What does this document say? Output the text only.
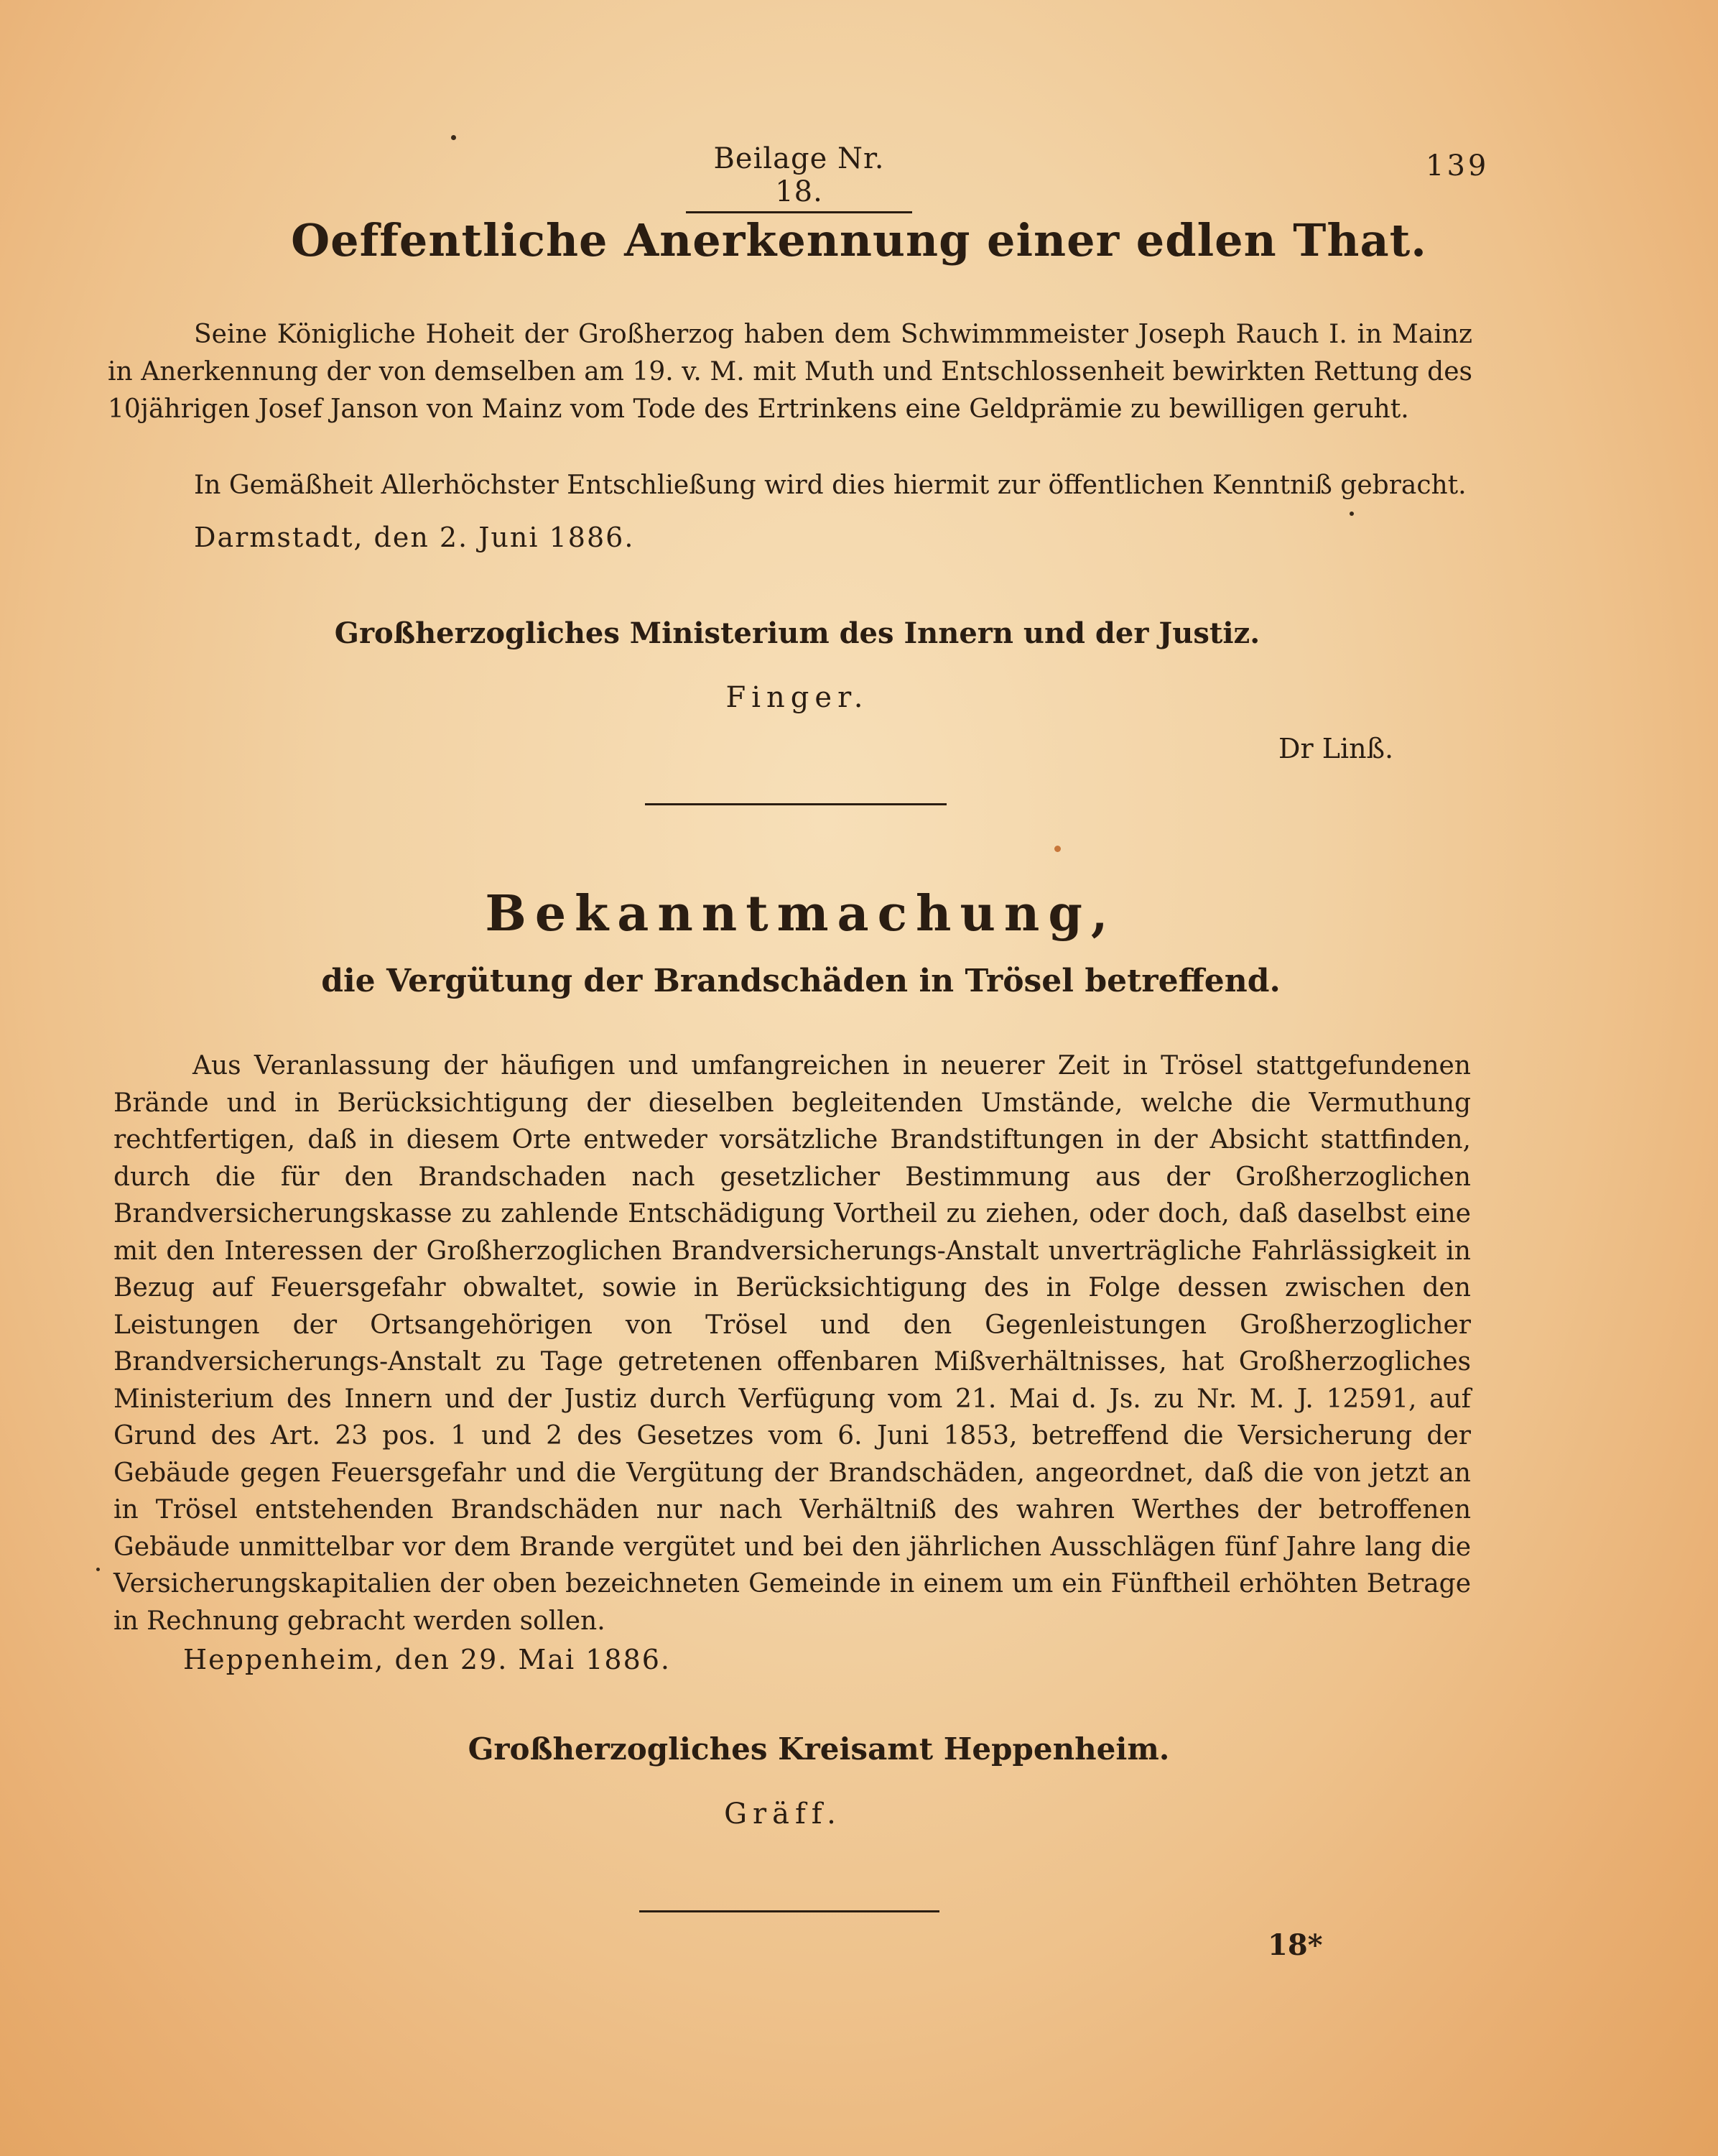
Beilage Nr. 18.
139
Oeffentliche Anerkennung einer edlen That.
Seine Königliche Hoheit der Großherzog haben dem Schwimmmeister Joseph Rauch I. in Mainz in Anerkennung der von demselben am 19. v. M. mit Muth und Entschlossenheit bewirkten Rettung des 10jährigen Josef Janson von Mainz vom Tode des Ertrinkens eine Geldprämie zu bewilligen geruht.
In Gemäßheit Allerhöchster Entschließung wird dies hiermit zur öffentlichen Kenntniß gebracht.
Darmstadt, den 2. Juni 1886.
Großherzogliches Ministerium des Innern und der Justiz.
Finger.
Dr Linß.
Bekanntmachung,
die Vergütung der Brandschäden in Trösel betreffend.
Aus Veranlassung der häufigen und umfangreichen in neuerer Zeit in Trösel stattgefundenen Brände und in Berücksichtigung der dieselben begleitenden Umstände, welche die Vermuthung rechtfertigen, daß in diesem Orte entweder vorsätzliche Brandstiftungen in der Absicht stattfinden, durch die für den Brandschaden nach gesetzlicher Bestimmung aus der Großherzoglichen Brandversicherungskasse zu zahlende Entschädigung Vortheil zu ziehen, oder doch, daß daselbst eine mit den Interessen der Großherzoglichen Brandversicherungs-Anstalt unverträgliche Fahrlässigkeit in Bezug auf Feuersgefahr obwaltet, sowie in Berücksichtigung des in Folge dessen zwischen den Leistungen der Ortsangehörigen von Trösel und den Gegenleistungen Großherzoglicher Brandversicherungs-Anstalt zu Tage getretenen offenbaren Mißverhältnisses, hat Großherzogliches Ministerium des Innern und der Justiz durch Verfügung vom 21. Mai d. Js. zu Nr. M. J. 12591, auf Grund des Art. 23 pos. 1 und 2 des Gesetzes vom 6. Juni 1853, betreffend die Versicherung der Gebäude gegen Feuersgefahr und die Vergütung der Brandschäden, angeordnet, daß die von jetzt an in Trösel entstehenden Brandschäden nur nach Verhältniß des wahren Werthes der betroffenen Gebäude unmittelbar vor dem Brande vergütet und bei den jährlichen Ausschlägen fünf Jahre lang die Versicherungskapitalien der oben bezeichneten Gemeinde in einem um ein Fünftheil erhöhten Betrage in Rechnung gebracht werden sollen.
Heppenheim, den 29. Mai 1886.
Großherzogliches Kreisamt Heppenheim.
Gräff.
18*
